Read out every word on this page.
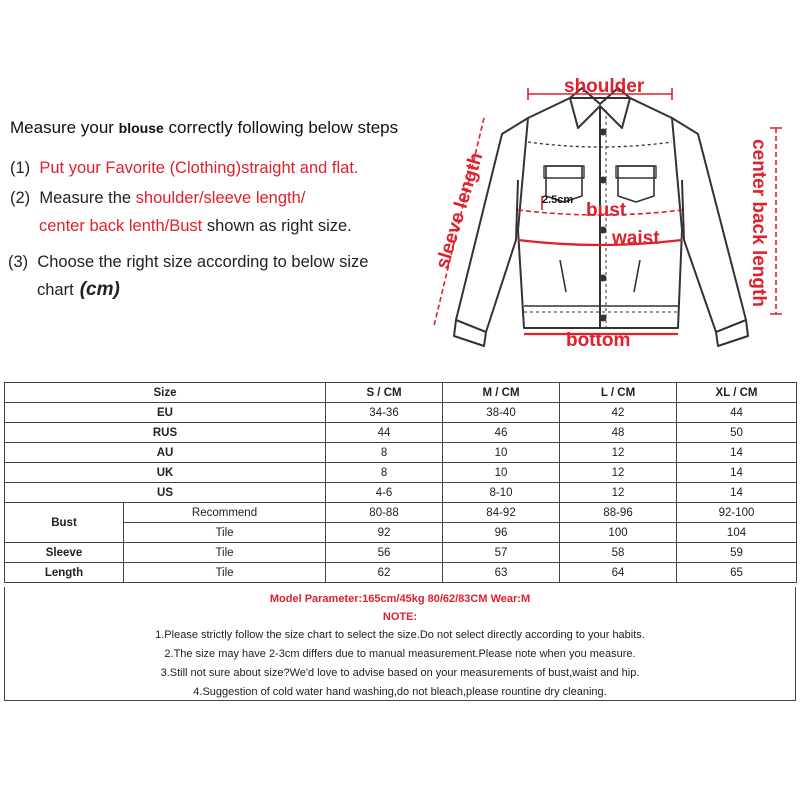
Measure your blouse correctly following below steps
(1) Put your Favorite (Clothing)straight and flat.
(2) Measure the shoulder/sleeve length/
center back lenth/Bust shown as right size.
(3) Choose the right size according to below size
chart (cm)
shoulder
center back length
sleeve length	2.5cm bust
waist
bottom
Size		S / CM	M / CM	L / CM	XL / CM
EU		34-36	38-40	42	44
RUS		44	46	48	50
AU		8	10	12	14
UK		8	10	12	14
US		4-6	8-10	12	14
Bust	Recommend	80-88	84-92	88-96	92-100
	Tile	92	96	100	104
Sleeve	Tile	56	57	58	59
Length	Tile	62	63	64	65
Model Parameter:165cm/45kg 80/62/83CM Wear:M
NOTE:
1.Please strictly follow the size chart to select the size.Do not select directly according to your habits.
2.The size may have 2-3cm differs due to manual measurement.Please note when you measure.
3.Still not sure about size?We'd love to advise based on your measurements of bust,waist and hip.
4.Suggestion of cold water hand washing,do not bleach,please rountine dry cleaning.
